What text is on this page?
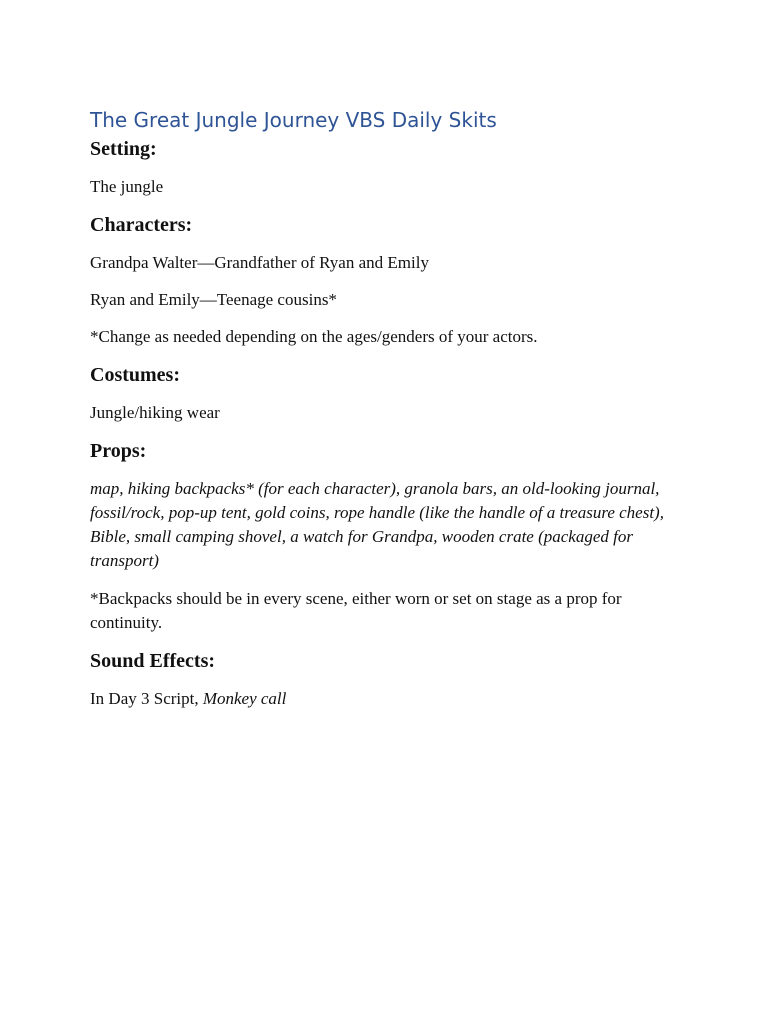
The Great Jungle Journey VBS Daily Skits
Setting:

The jungle

Characters:

Grandpa Walter—Grandfather of Ryan and Emily

Ryan and Emily—Teenage cousins*

*Change as needed depending on the ages/genders of your actors.

Costumes:

Jungle/hiking wear

Props:

map, hiking backpacks* (for each character), granola bars, an old-looking journal, fossil/rock, pop-up tent, gold coins, rope handle (like the handle of a treasure chest), Bible, small camping shovel, a watch for Grandpa, wooden crate (packaged for transport)

*Backpacks should be in every scene, either worn or set on stage as a prop for continuity.

Sound Effects:

In Day 3 Script, Monkey call
